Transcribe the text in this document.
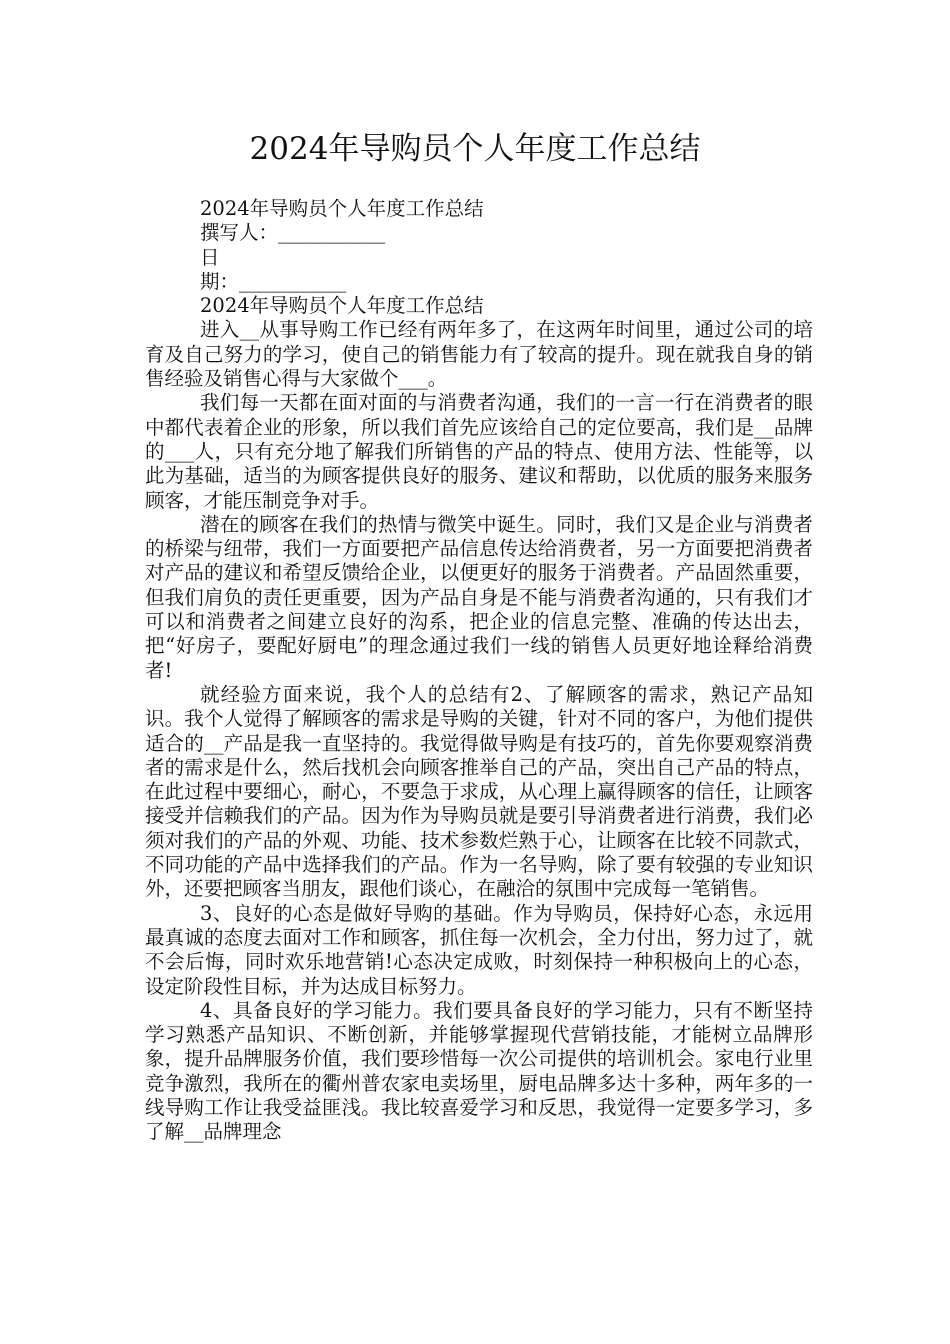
2024年导购员个人年度工作总结

2024年导购员个人年度工作总结

撰写人：___________

日

期：___________

2024年导购员个人年度工作总结

进入__从事导购工作已经有两年多了，在这两年时间里，通过公司的培育及自己努力的学习，使自己的销售能力有了较高的提升。现在就我自身的销售经验及销售心得与大家做个___。

我们每一天都在面对面的与消费者沟通，我们的一言一行在消费者的眼中都代表着企业的形象，所以我们首先应该给自己的定位要高，我们是__品牌的___人，只有充分地了解我们所销售的产品的特点、使用方法、性能等，以此为基础，适当的为顾客提供良好的服务、建议和帮助，以优质的服务来服务顾客，才能压制竞争对手。

潜在的顾客在我们的热情与微笑中诞生。同时，我们又是企业与消费者的桥梁与纽带，我们一方面要把产品信息传达给消费者，另一方面要把消费者对产品的建议和希望反馈给企业，以便更好的服务于消费者。产品固然重要，但我们肩负的责任更重要，因为产品自身是不能与消费者沟通的，只有我们才可以和消费者之间建立良好的沟系，把企业的信息完整、准确的传达出去，把“好房子，要配好厨电”的理念通过我们一线的销售人员更好地诠释给消费者!

就经验方面来说，我个人的总结有2、了解顾客的需求，熟记产品知识。我个人觉得了解顾客的需求是导购的关键，针对不同的客户，为他们提供适合的__产品是我一直坚持的。我觉得做导购是有技巧的，首先你要观察消费者的需求是什么，然后找机会向顾客推举自己的产品，突出自己产品的特点，在此过程中要细心，耐心，不要急于求成，从心理上赢得顾客的信任，让顾客接受并信赖我们的产品。因为作为导购员就是要引导消费者进行消费，我们必须对我们的产品的外观、功能、技术参数烂熟于心，让顾客在比较不同款式，不同功能的产品中选择我们的产品。作为一名导购，除了要有较强的专业知识外，还要把顾客当朋友，跟他们谈心，在融洽的氛围中完成每一笔销售。

3、良好的心态是做好导购的基础。作为导购员，保持好心态，永远用最真诚的态度去面对工作和顾客，抓住每一次机会，全力付出，努力过了，就不会后悔，同时欢乐地营销!心态决定成败，时刻保持一种积极向上的心态，设定阶段性目标，并为达成目标努力。

4、具备良好的学习能力。我们要具备良好的学习能力，只有不断坚持学习熟悉产品知识、不断创新，并能够掌握现代营销技能，才能树立品牌形象，提升品牌服务价值，我们要珍惜每一次公司提供的培训机会。家电行业里竞争激烈，我所在的衢州普农家电卖场里，厨电品牌多达十多种，两年多的一线导购工作让我受益匪浅。我比较喜爱学习和反思，我觉得一定要多学习，多了解__品牌理念
